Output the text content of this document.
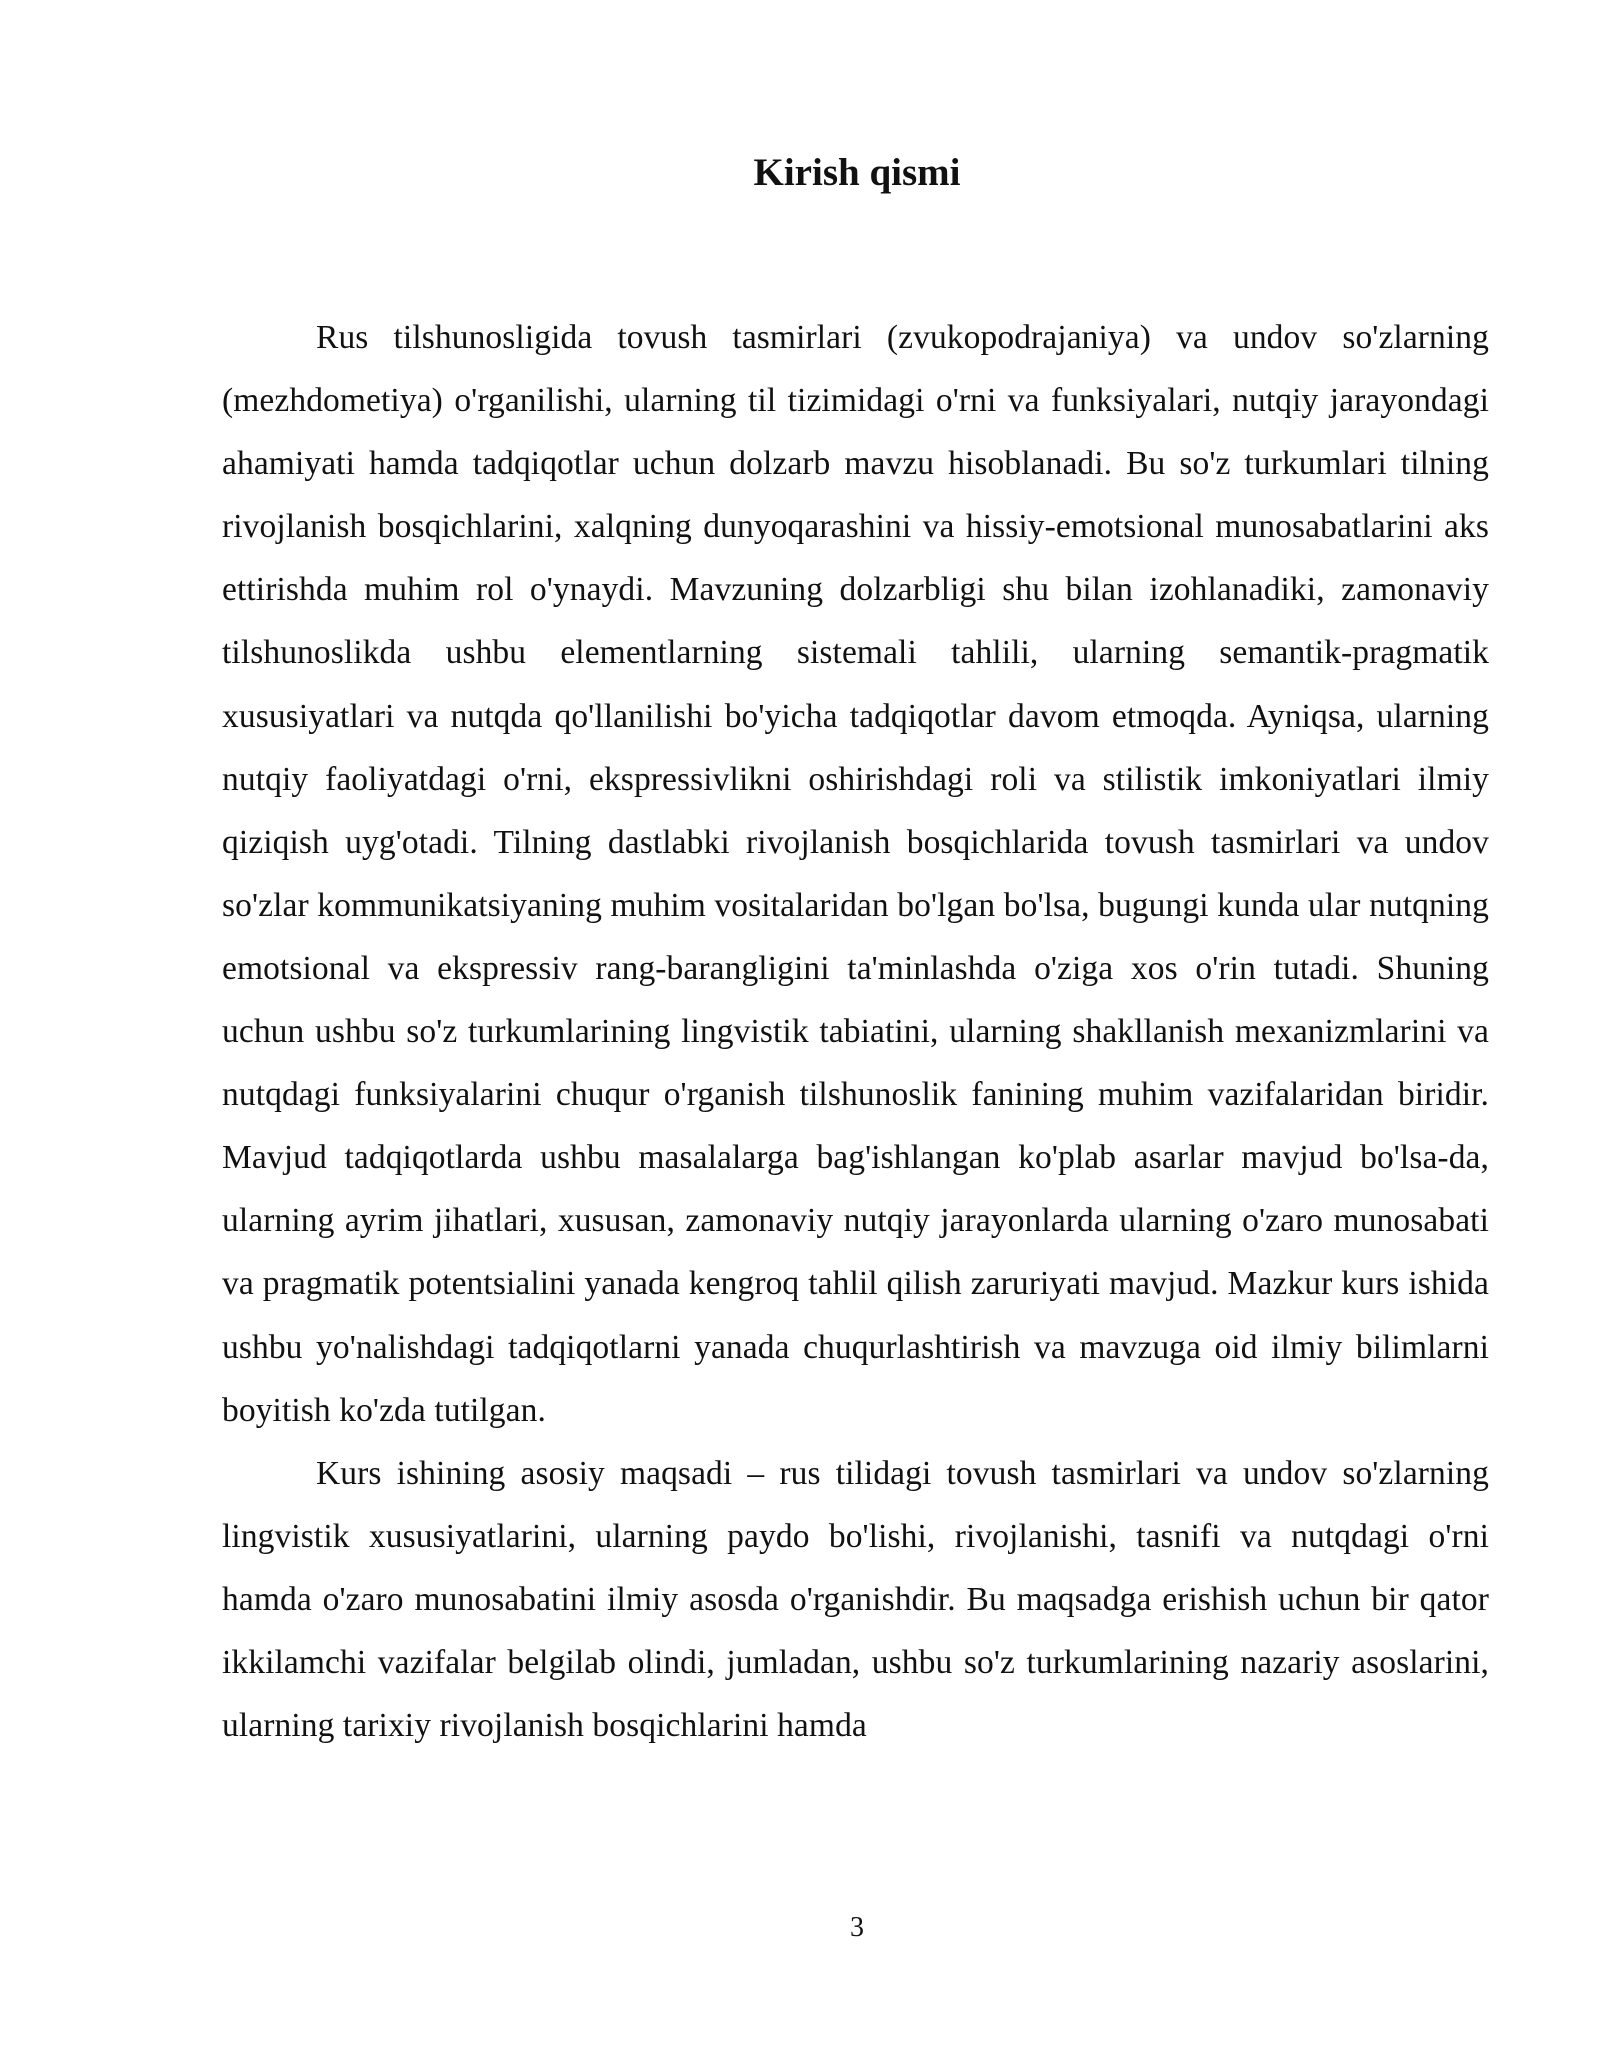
Kirish qismi

Rus tilshunosligida tovush tasmirlari (zvukopodrajaniya) va undov so'zlarning (mezhdometiya) o'rganilishi, ularning til tizimidagi o'rni va funksiyalari, nutqiy jarayondagi ahamiyati hamda tadqiqotlar uchun dolzarb mavzu hisoblanadi. Bu so'z turkumlari tilning rivojlanish bosqichlarini, xalqning dunyoqarashini va hissiy-emotsional munosabatlarini aks ettirishda muhim rol o'ynaydi. Mavzuning dolzarbligi shu bilan izohlanadiki, zamonaviy tilshunoslikda ushbu elementlarning sistemali tahlili, ularning semantik-pragmatik xususiyatlari va nutqda qo'llanilishi bo'yicha tadqiqotlar davom etmoqda. Ayniqsa, ularning nutqiy faoliyatdagi o'rni, ekspressivlikni oshirishdagi roli va stilistik imkoniyatlari ilmiy qiziqish uyg'otadi. Tilning dastlabki rivojlanish bosqichlarida tovush tasmirlari va undov so'zlar kommunikatsiyaning muhim vositalaridan bo'lgan bo'lsa, bugungi kunda ular nutqning emotsional va ekspressiv rang-barangligini ta'minlashda o'ziga xos o'rin tutadi. Shuning uchun ushbu so'z turkumlarining lingvistik tabiatini, ularning shakllanish mexanizmlarini va nutqdagi funksiyalarini chuqur o'rganish tilshunoslik fanining muhim vazifalaridan biridir. Mavjud tadqiqotlarda ushbu masalalarga bag'ishlangan ko'plab asarlar mavjud bo'lsa-da, ularning ayrim jihatlari, xususan, zamonaviy nutqiy jarayonlarda ularning o'zaro munosabati va pragmatik potentsialini yanada kengroq tahlil qilish zaruriyati mavjud. Mazkur kurs ishida ushbu yo'nalishdagi tadqiqotlarni yanada chuqurlashtirish va mavzuga oid ilmiy bilimlarni boyitish ko'zda tutilgan.

Kurs ishining asosiy maqsadi – rus tilidagi tovush tasmirlari va undov so'zlarning lingvistik xususiyatlarini, ularning paydo bo'lishi, rivojlanishi, tasnifi va nutqdagi o'rni hamda o'zaro munosabatini ilmiy asosda o'rganishdir. Bu maqsadga erishish uchun bir qator ikkilamchi vazifalar belgilab olindi, jumladan, ushbu so'z turkumlarining nazariy asoslarini, ularning tarixiy rivojlanish bosqichlarini hamda

3
